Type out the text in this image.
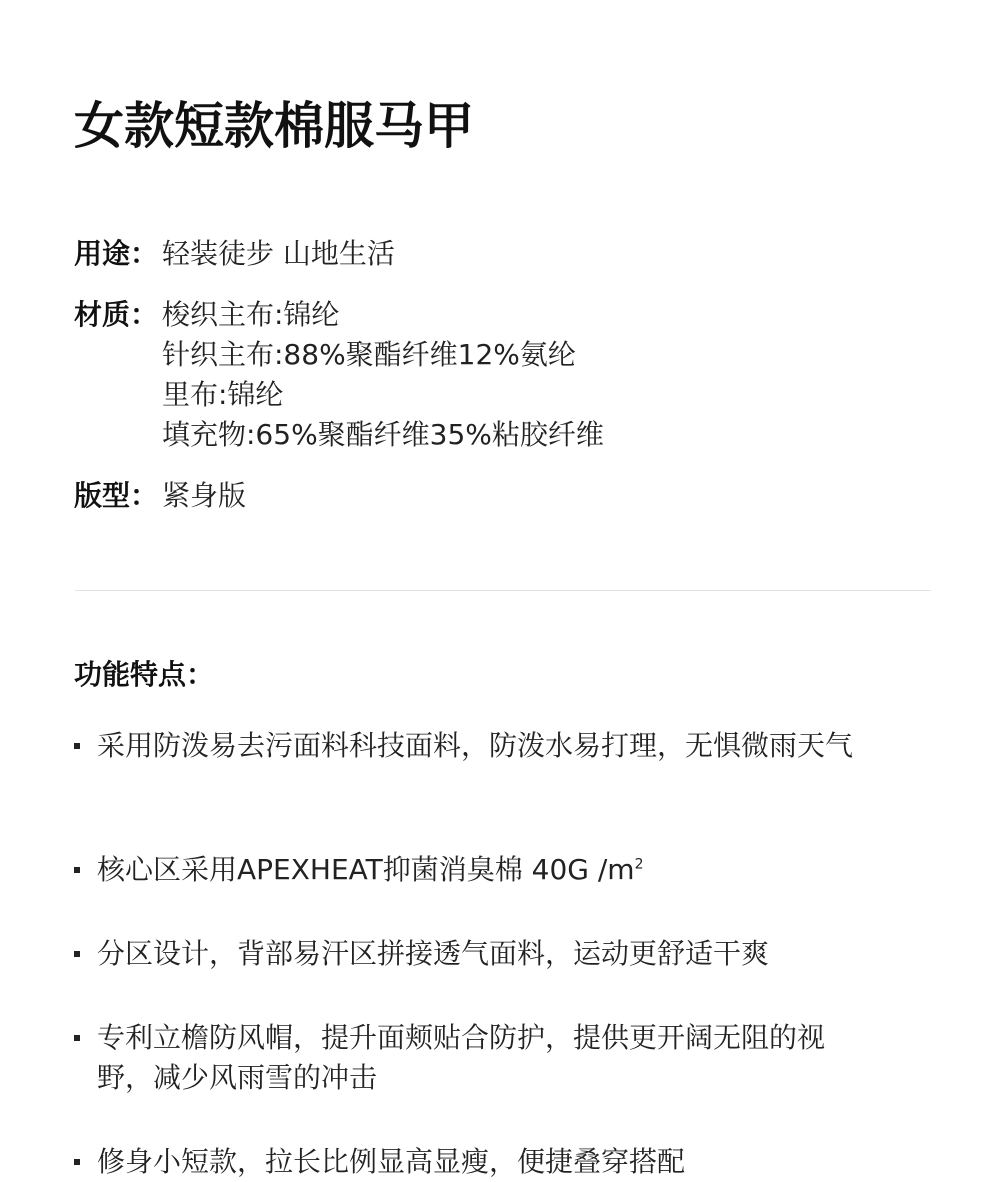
女款短款棉服马甲
用途： 轻装徒步 山地生活
材质： 梭织主布:锦纶
针织主布:88%聚酯纤维12%氨纶
里布:锦纶
填充物:65%聚酯纤维35%粘胶纤维
版型： 紧身版
功能特点：
采用防泼易去污面料科技面料，防泼水易打理，无惧微雨天气
核心区采用APEXHEAT抑菌消臭棉 40G $/m^2$
分区设计，背部易汗区拼接透气面料，运动更舒适干爽
专利立檐防风帽，提升面颊贴合防护，提供更开阔无阻的视野，减少风雨雪的冲击
修身小短款，拉长比例显高显瘦，便捷叠穿搭配
